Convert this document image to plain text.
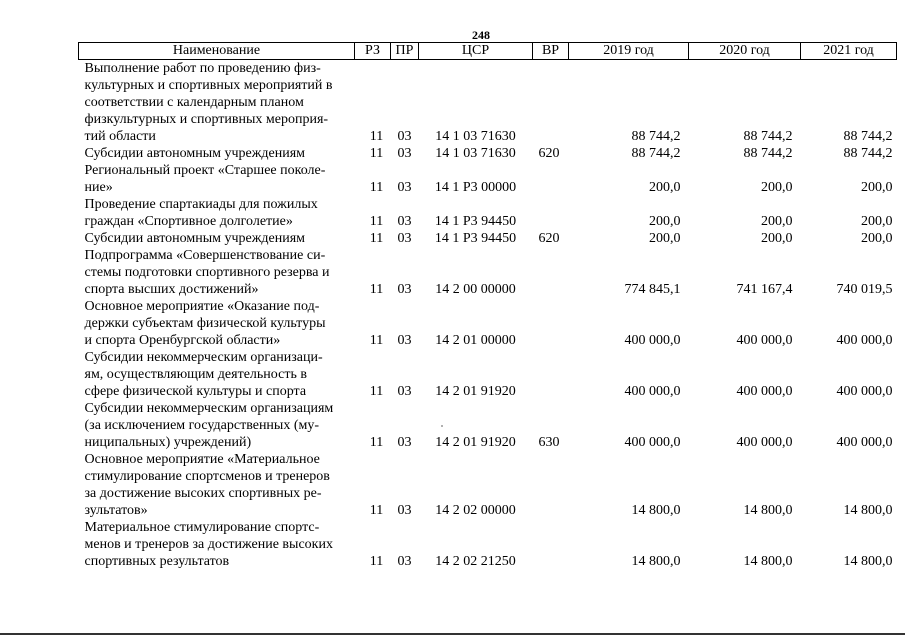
248
Наименование	РЗ	ПР	ЦСР	ВР	2019 год	2020 год	2021 год

Выполнение работ по проведению физ-
культурных и спортивных мероприятий в
соответствии с календарным планом
физкультурных и спортивных мероприя-
тий области	11	03	14 1 03 71630		88 744,2	88 744,2	88 744,2

Субсидии автономным учреждениям	11	03	14 1 03 71630	620	88 744,2	88 744,2	88 744,2

Региональный проект «Старшее поколе-
ние»	11	03	14 1 P3 00000		200,0	200,0	200,0

Проведение спартакиады для пожилых
граждан «Спортивное долголетие»	11	03	14 1 P3 94450		200,0	200,0	200,0

Субсидии автономным учреждениям	11	03	14 1 P3 94450	620	200,0	200,0	200,0

Подпрограмма «Совершенствование си-
стемы подготовки спортивного резерва и
спорта высших достижений»	11	03	14 2 00 00000		774 845,1	741 167,4	740 019,5

Основное мероприятие «Оказание под-
держки субъектам физической культуры
и спорта Оренбургской области»	11	03	14 2 01 00000		400 000,0	400 000,0	400 000,0

Субсидии некоммерческим организаци-
ям, осуществляющим деятельность в
сфере физической культуры и спорта	11	03	14 2 01 91920		400 000,0	400 000,0	400 000,0

Субсидии некоммерческим организациям
(за исключением государственных (му-
ниципальных) учреждений)	11	03	14 2 01 91920	630	400 000,0	400 000,0	400 000,0

Основное мероприятие «Материальное
стимулирование спортсменов и тренеров
за достижение высоких спортивных ре-
зультатов»	11	03	14 2 02 00000		14 800,0	14 800,0	14 800,0

Материальное стимулирование спортс-
менов и тренеров за достижение высоких
спортивных результатов	11	03	14 2 02 21250		14 800,0	14 800,0	14 800,0
